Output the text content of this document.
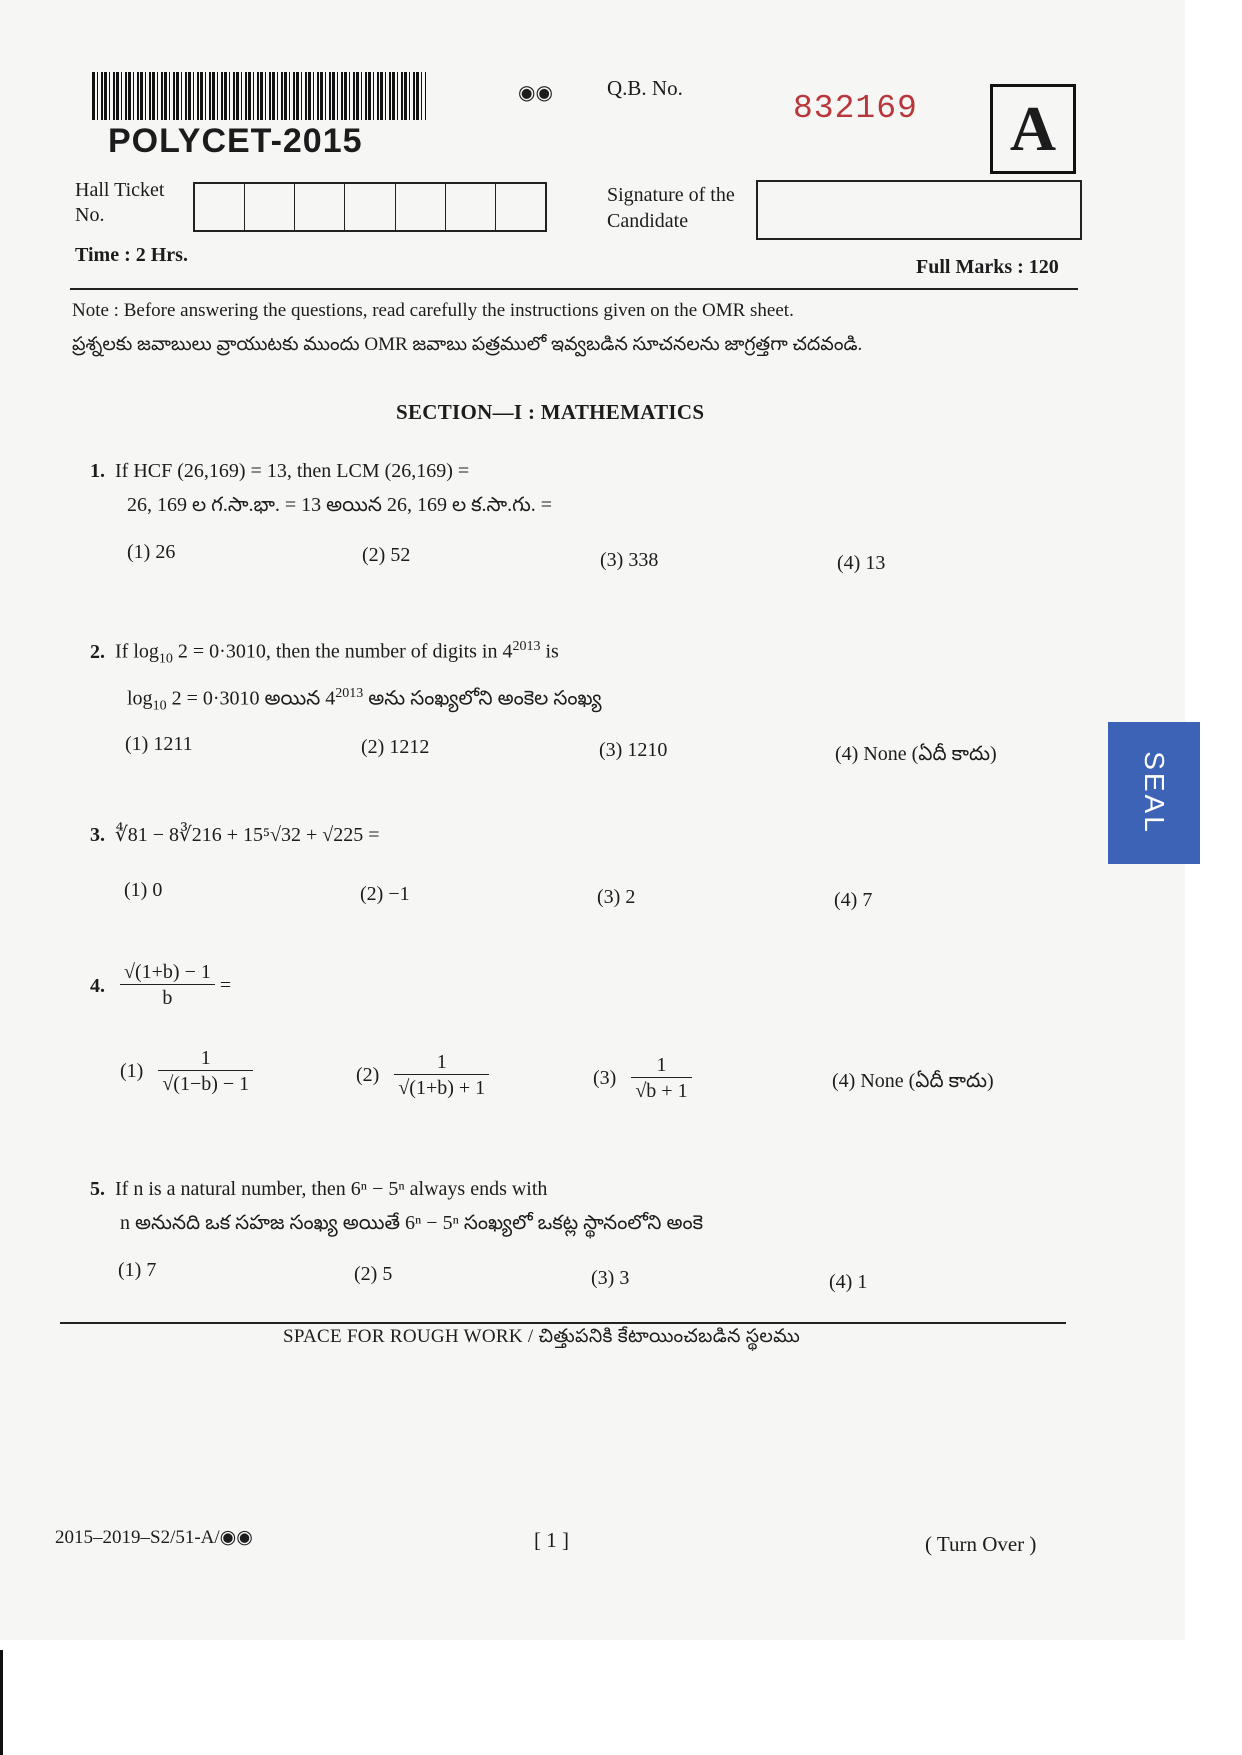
POLYCET-2015
◉◉	Q.B. No.
832169 A
Hall Ticket No.
Signature of the Candidate
Time : 2 Hrs.
Full Marks : 120
Note : Before answering the questions, read carefully the instructions given on the OMR sheet.
ప్రశ్నలకు జవాబులు వ్రాయుటకు ముందు OMR జవాబు పత్రములో ఇవ్వబడిన సూచనలను జాగ్రత్తగా చదవండి.
SECTION—I : MATHEMATICS
1. If HCF (26,169) = 13, then LCM (26,169) =
26, 169 ల గ.సా.భా. = 13 అయిన 26, 169 ల క.సా.గు. =
(1) 26	(2) 52	(3) 338	(4) 13
2. If $\log_{10} 2 = 0\cdot 3010$, then the number of digits in $4^{2013}$ is
$\log_{10} 2 = 0\cdot 3010$ అయిన $4^{2013}$ అను సంఖ్యలోని అంకెల సంఖ్య
(1) 1211	(2) 1212	(3) 1210	(4) None (ఏదీ కాదు)
3. ∜81 − 8∛216 + 15⁵√32 + √225 =
(1) 0	(2) −1	(3) 2	(4) 7
4. $\frac{√(1+b) - 1}{b}$ =
$(1) \frac{1}{√(1-b) - 1}$	$(2) \frac{1}{√(1+b) + 1}$	$(3) \frac{1}{√b + 1}$	(4) None (ఏదీ కాదు)
5. If n is a natural number, then 6ⁿ − 5ⁿ always ends with
n అనునది ఒక సహజ సంఖ్య అయితే 6ⁿ − 5ⁿ సంఖ్యలో ఒకట్ల స్థానంలోని అంకె
(1) 7	(2) 5	(3) 3	(4) 1
SPACE FOR ROUGH WORK / చిత్తుపనికి కేటాయించబడిన స్థలము
2015–2019–S2/51-A/◉◉	[ 1 ]	( Turn Over )
SEAL
